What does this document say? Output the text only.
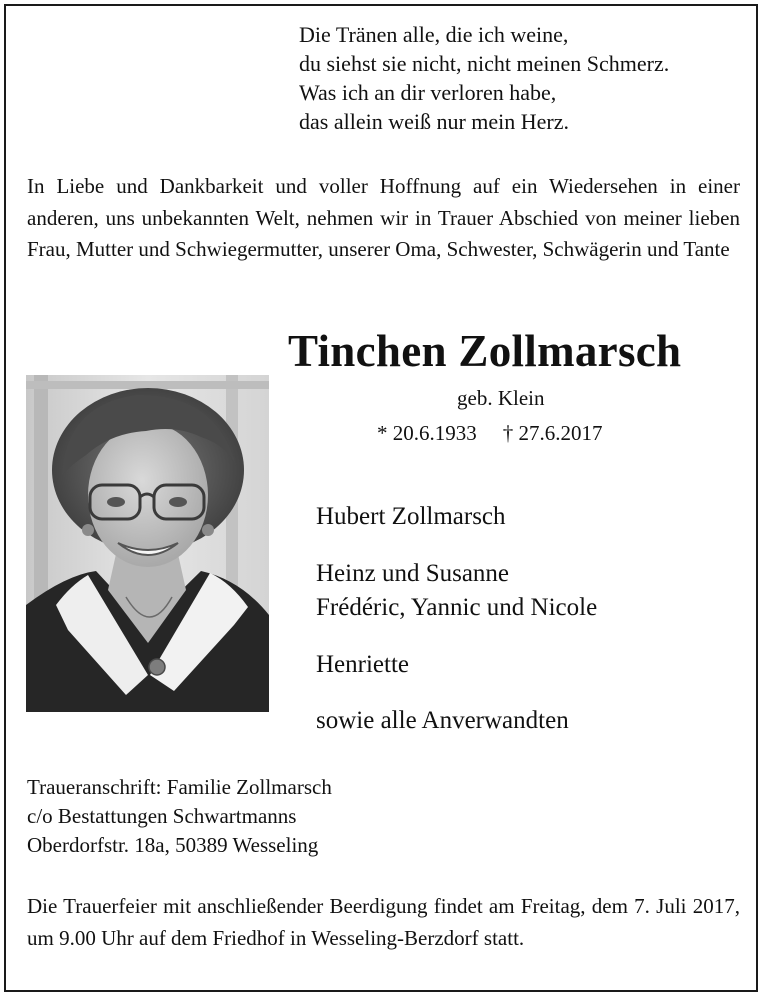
Die Tränen alle, die ich weine,
du siehst sie nicht, nicht meinen Schmerz.
Was ich an dir verloren habe,
das allein weiß nur mein Herz.
In Liebe und Dankbarkeit und voller Hoffnung auf ein Wiedersehen in einer anderen, uns unbekannten Welt, nehmen wir in Trauer Abschied von meiner lieben Frau, Mutter und Schwiegermutter, unserer Oma, Schwester, Schwägerin und Tante
Tinchen Zollmarsch
geb. Klein
* 20.6.1933 † 27.6.2017
Hubert Zollmarsch
Heinz und Susanne
Frédéric, Yannic und Nicole
Henriette
sowie alle Anverwandten
Traueranschrift: Familie Zollmarsch
c/o Bestattungen Schwartmanns
Oberdorfstr. 18a, 50389 Wesseling
Die Trauerfeier mit anschließender Beerdigung findet am Freitag, dem 7. Juli 2017, um 9.00 Uhr auf dem Friedhof in Wesseling-Berzdorf statt.
